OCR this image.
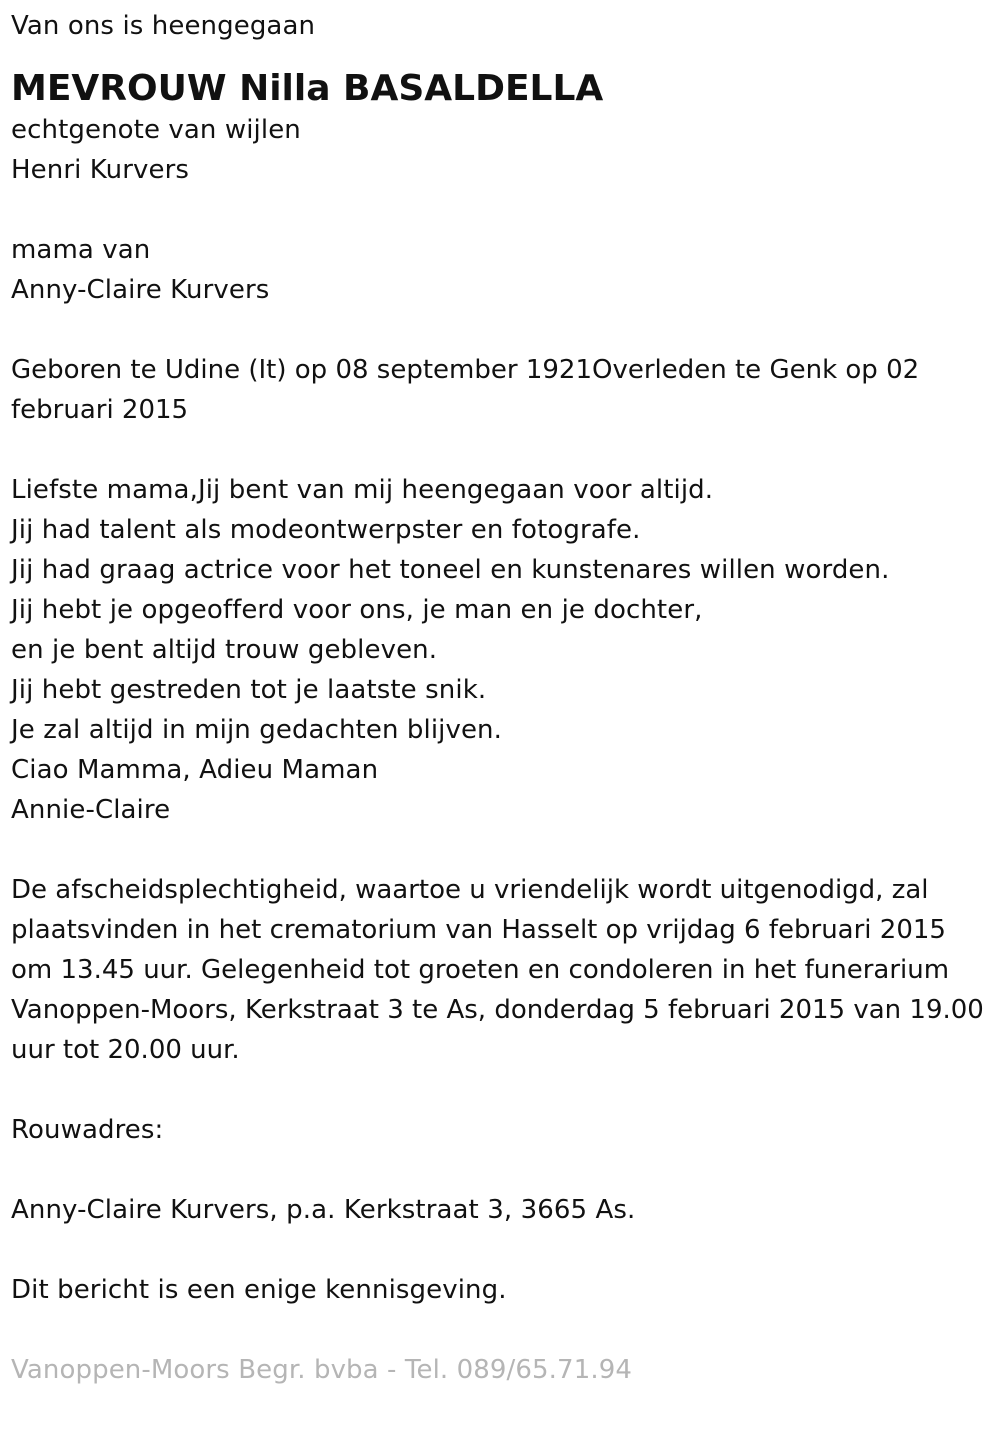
Van ons is heengegaan
MEVROUW Nilla BASALDELLA
echtgenote van wijlen
Henri Kurvers
mama van
Anny-Claire Kurvers
Geboren te Udine (It) op 08 september 1921Overleden te Genk op 02 februari 2015
Liefste mama,Jij bent van mij heengegaan voor altijd.
Jij had talent als modeontwerpster en fotografe.
Jij had graag actrice voor het toneel en kunstenares willen worden.
Jij hebt je opgeofferd voor ons, je man en je dochter,
en je bent altijd trouw gebleven.
Jij hebt gestreden tot je laatste snik.
Je zal altijd in mijn gedachten blijven.
Ciao Mamma, Adieu Maman
Annie-Claire
De afscheidsplechtigheid, waartoe u vriendelijk wordt uitgenodigd, zal plaatsvinden in het crematorium van Hasselt op vrijdag 6 februari 2015 om 13.45 uur. Gelegenheid tot groeten en condoleren in het funerarium Vanoppen-Moors, Kerkstraat 3 te As, donderdag 5 februari 2015 van 19.00 uur tot 20.00 uur.
Rouwadres:
Anny-Claire Kurvers, p.a. Kerkstraat 3, 3665 As.
Dit bericht is een enige kennisgeving.
Vanoppen-Moors Begr. bvba - Tel. 089/65.71.94
